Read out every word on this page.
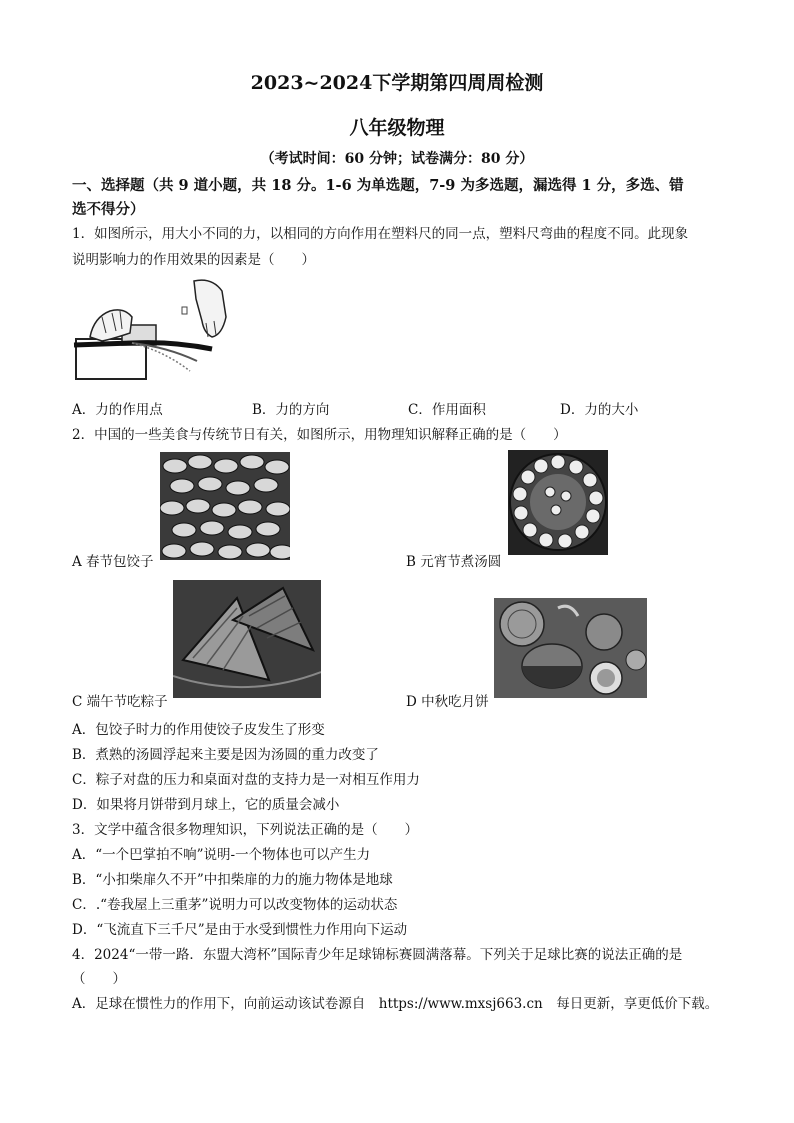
2023~2024下学期第四周周检测
八年级物理
（考试时间：60 分钟；试卷满分：80 分）
一、选择题（共 9 道小题，共 18 分。1-6 为单选题，7-9 为多选题，漏选得 1 分，多选、错
选不得分）
1．如图所示，用大小不同的力，以相同的方向作用在塑料尺的同一点，塑料尺弯曲的程度不同。此现象
说明影响力的作用效果的因素是（　　）
A．力的作用点	B．力的方向	C．作用面积	D．力的大小
2．中国的一些美食与传统节日有关，如图所示，用物理知识解释正确的是（　　）
A 春节包饺子	B 元宵节煮汤圆
C 端午节吃粽子	D 中秋吃月饼
A．包饺子时力的作用使饺子皮发生了形变
B．煮熟的汤圆浮起来主要是因为汤圆的重力改变了
C．粽子对盘的压力和桌面对盘的支持力是一对相互作用力
D．如果将月饼带到月球上，它的质量会减小
3．文学中蕴含很多物理知识，下列说法正确的是（　　）
A．“一个巴掌拍不响”说明-一个物体也可以产生力
B．“小扣柴扉久不开”中扣柴扉的力的施力物体是地球
C．.“卷我屋上三重茅”说明力可以改变物体的运动状态
D．“飞流直下三千尺”是由于水受到惯性力作用向下运动
4．2024“一带一路．东盟大湾杯”国际青少年足球锦标赛圆满落幕。下列关于足球比赛的说法正确的是
（　　）
A．足球在惯性力的作用下，向前运动该试卷源自　https://www.mxsj663.cn　每日更新，享更低价下载。
